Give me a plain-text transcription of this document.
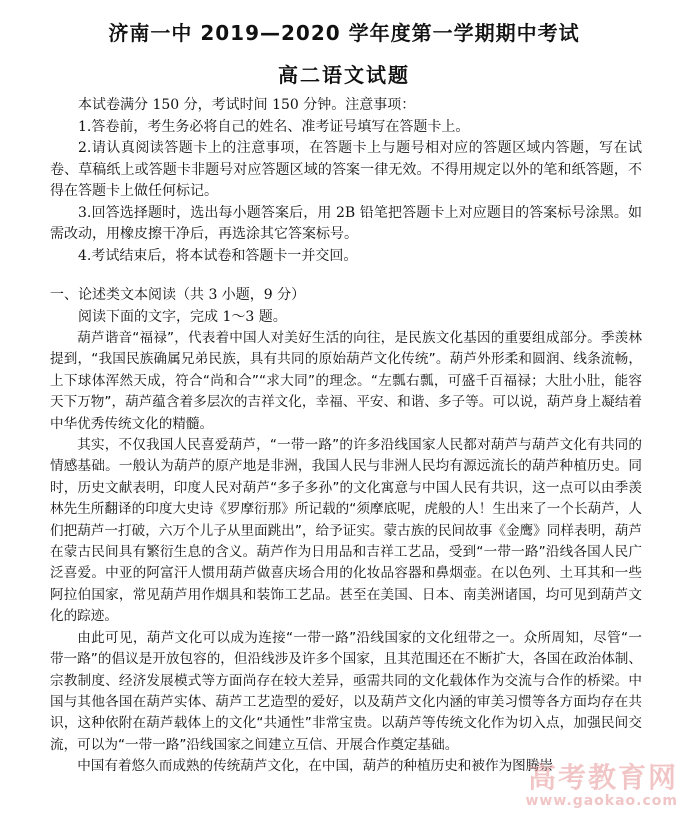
济南一中 2019—2020 学年度第一学期期中考试
高二语文试题

本试卷满分 150 分，考试时间 150 分钟。注意事项：

1.答卷前，考生务必将自己的姓名、准考证号填写在答题卡上。

2.请认真阅读答题卡上的注意事项，在答题卡上与题号相对应的答题区域内答题，写在试卷、草稿纸上或答题卡非题号对应答题区域的答案一律无效。不得用规定以外的笔和纸答题，不得在答题卡上做任何标记。

3.回答选择题时，选出每小题答案后，用 2B 铅笔把答题卡上对应题目的答案标号涂黑。如需改动，用橡皮擦干净后，再选涂其它答案标号。

4.考试结束后，将本试卷和答题卡一并交回。

一、论述类文本阅读（共 3 小题，9 分）

阅读下面的文字，完成 1～3 题。

葫芦谐音“福禄”，代表着中国人对美好生活的向往，是民族文化基因的重要组成部分。季羡林提到，“我国民族确属兄弟民族，具有共同的原始葫芦文化传统”。葫芦外形柔和圆润、线条流畅，上下球体浑然天成，符合“尚和合”“求大同”的理念。“左瓢右瓢，可盛千百福禄；大肚小肚，能容天下万物”，葫芦蕴含着多层次的吉祥文化，幸福、平安、和谐、多子等。可以说，葫芦身上凝结着中华优秀传统文化的精髓。

其实，不仅我国人民喜爱葫芦，“一带一路”的许多沿线国家人民都对葫芦与葫芦文化有共同的情感基础。一般认为葫芦的原产地是非洲，我国人民与非洲人民均有源远流长的葫芦种植历史。同时，历史文献表明，印度人民对葫芦“多子多孙”的文化寓意与中国人民有共识，这一点可以由季羡林先生所翻译的印度大史诗《罗摩衍那》所记载的“须摩底呢，虎般的人！生出来了一个长葫芦，人们把葫芦一打破，六万个儿子从里面跳出”，给予证实。蒙古族的民间故事《金鹰》同样表明，葫芦在蒙古民间具有繁衍生息的含义。葫芦作为日用品和吉祥工艺品，受到“一带一路”沿线各国人民广泛喜爱。中亚的阿富汗人惯用葫芦做喜庆场合用的化妆品容器和鼻烟壶。在以色列、土耳其和一些阿拉伯国家，常见葫芦用作烟具和装饰工艺品。甚至在美国、日本、南美洲诸国，均可见到葫芦文化的踪迹。

由此可见，葫芦文化可以成为连接“一带一路”沿线国家的文化纽带之一。众所周知，尽管“一带一路”的倡议是开放包容的，但沿线涉及许多个国家，且其范围还在不断扩大，各国在政治体制、宗教制度、经济发展模式等方面尚存在较大差异，亟需共同的文化载体作为交流与合作的桥梁。中国与其他各国在葫芦实体、葫芦工艺造型的爱好，以及葫芦文化内涵的审美习惯等各方面均存在共识，这种依附在葫芦载体上的文化“共通性”非常宝贵。以葫芦等传统文化作为切入点，加强民间交流，可以为“一带一路”沿线国家之间建立互信、开展合作奠定基础。

中国有着悠久而成熟的传统葫芦文化，在中国，葫芦的种植历史和被作为图腾崇

高考教育网
www.gaokao.com
